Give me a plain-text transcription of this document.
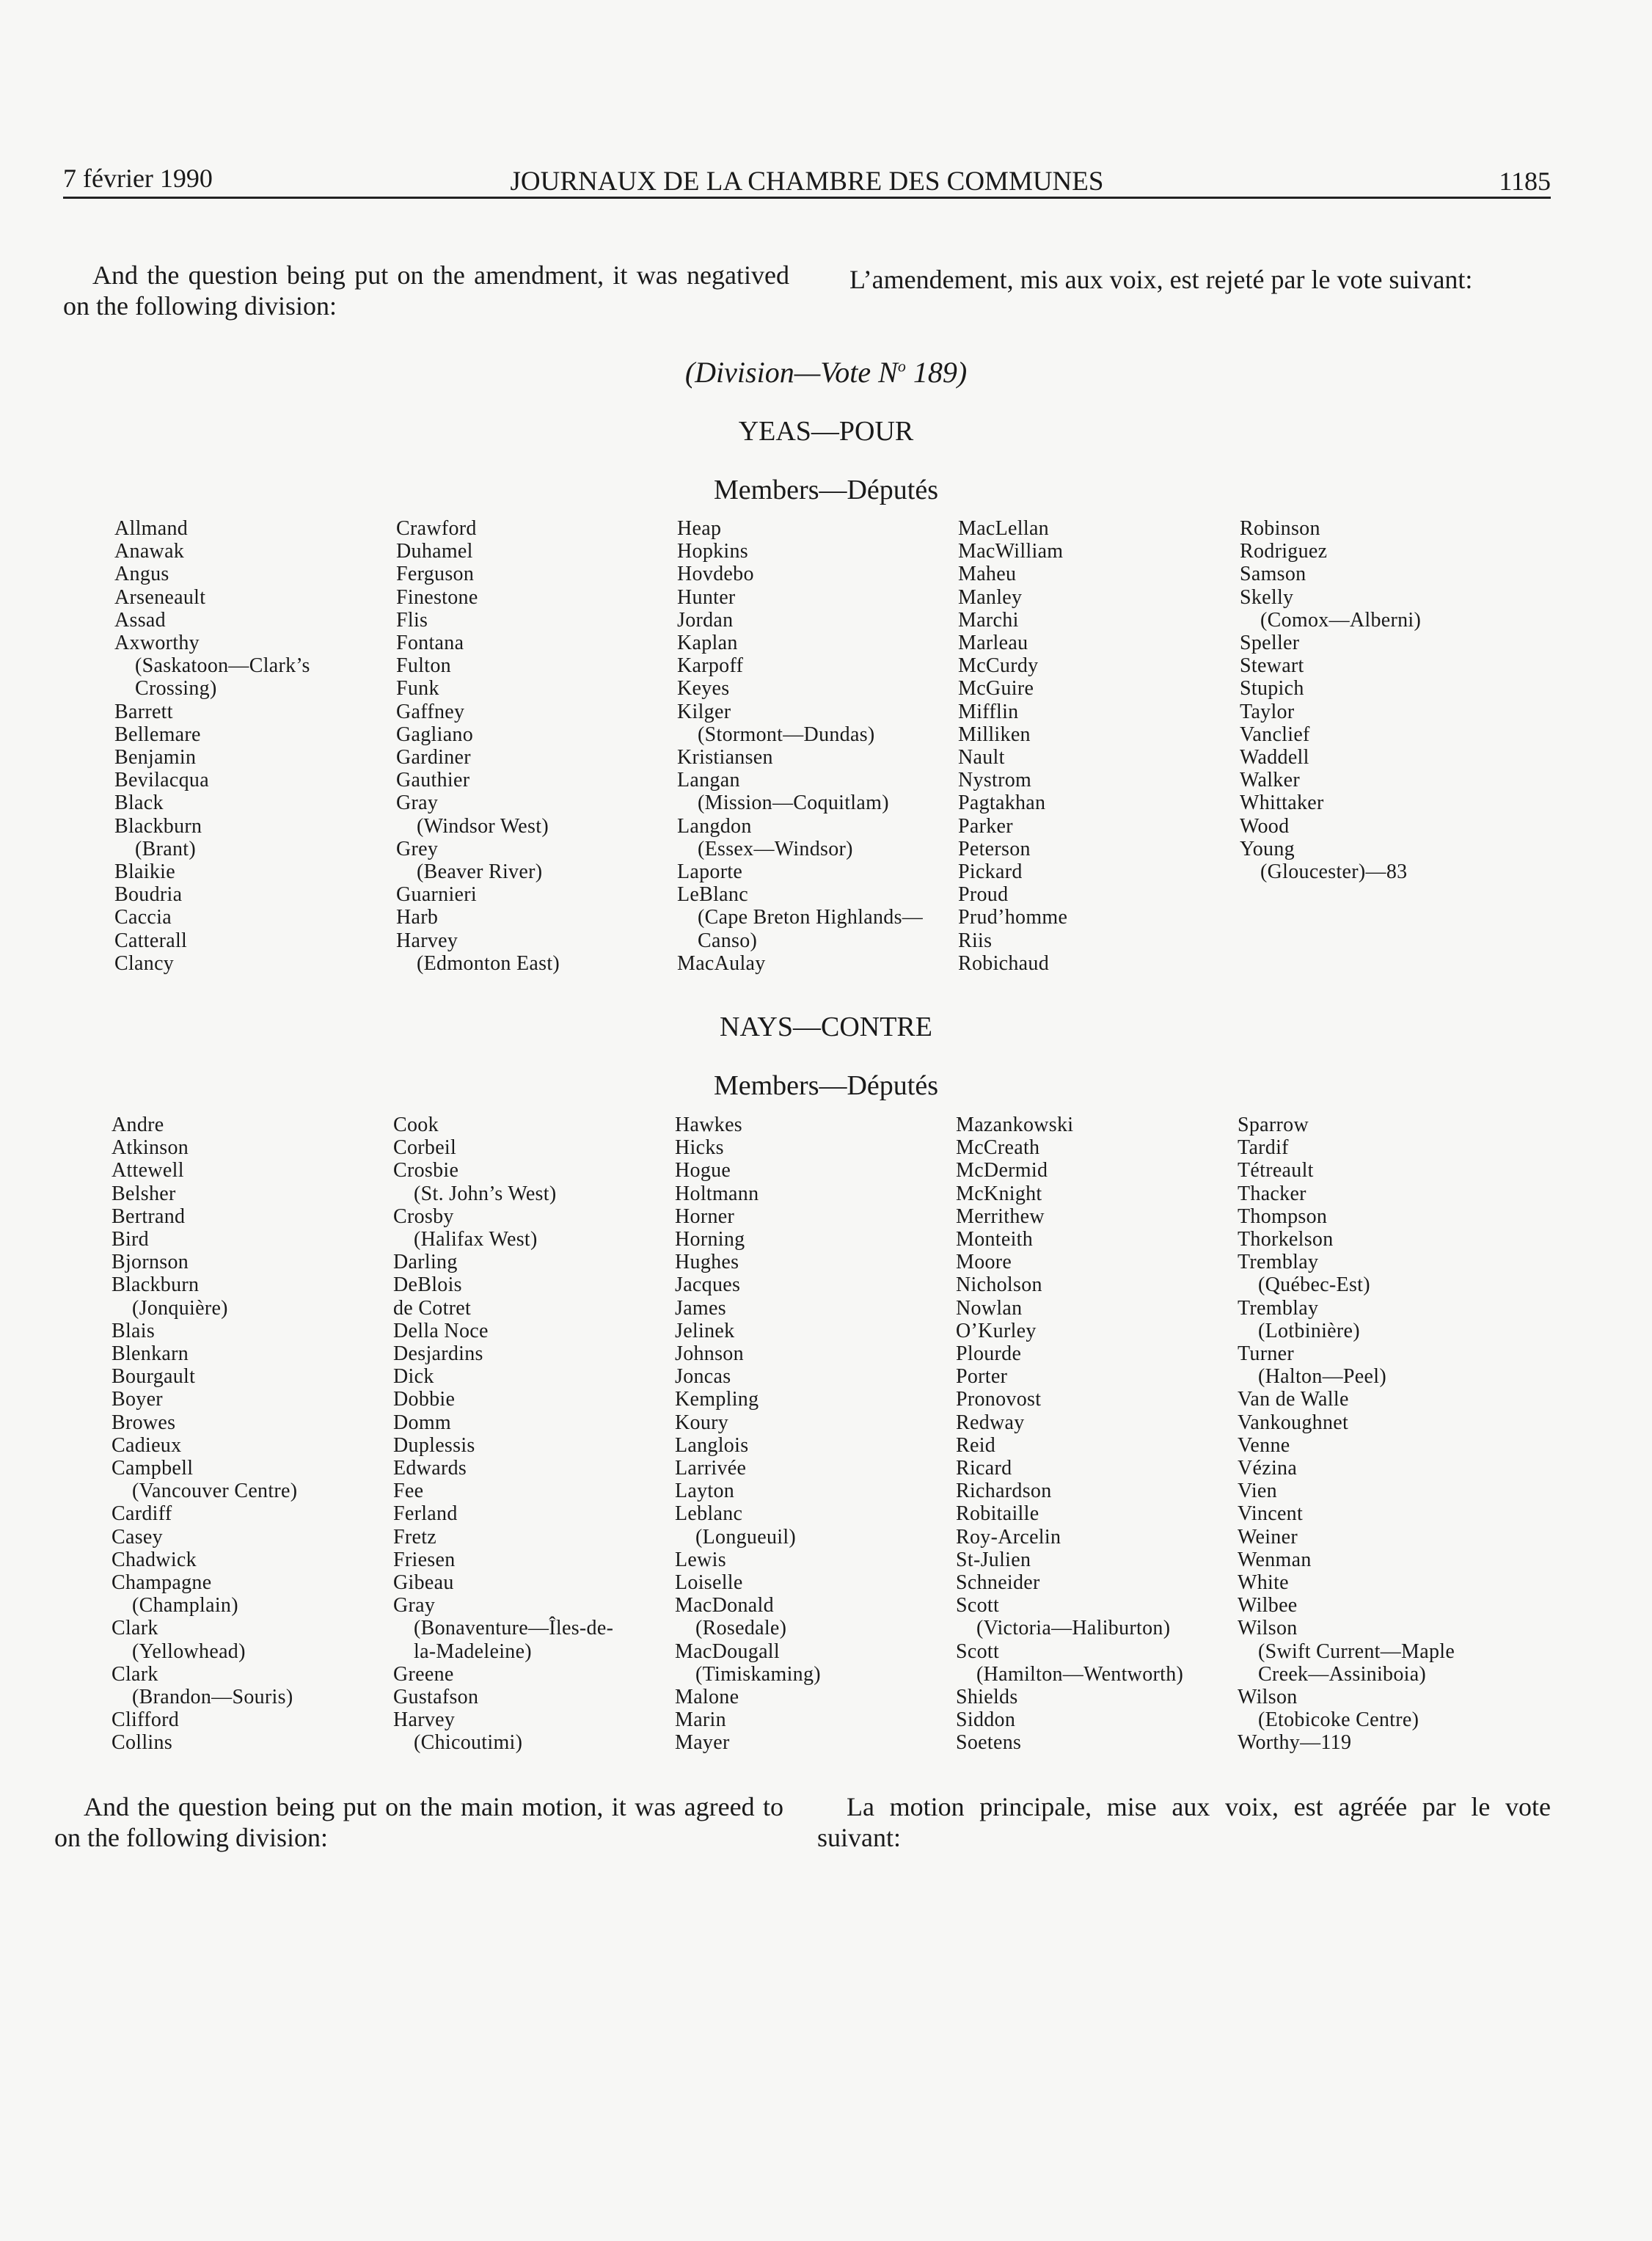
7 février 1990	JOURNAUX DE LA CHAMBRE DES COMMUNES	1185
And the question being put on the amendment, it was negatived on the following division:
L’amendement, mis aux voix, est rejeté par le vote suivant:
(Division—Vote $N^o$ 189)
YEAS—POUR
Members—Députés
Allmand
Anawak
Angus
Arseneault
Assad
Axworthy
(Saskatoon—Clark’s
Crossing)
Barrett
Bellemare
Benjamin
Bevilacqua
Black
Blackburn
(Brant)
Blaikie
Boudria
Caccia
Catterall
Clancy
Crawford
Duhamel
Ferguson
Finestone
Flis
Fontana
Fulton
Funk
Gaffney
Gagliano
Gardiner
Gauthier
Gray
(Windsor West)
Grey
(Beaver River)
Guarnieri
Harb
Harvey
(Edmonton East)
Heap
Hopkins
Hovdebo
Hunter
Jordan
Kaplan
Karpoff
Keyes
Kilger
(Stormont—Dundas)
Kristiansen
Langan
(Mission—Coquitlam)
Langdon
(Essex—Windsor)
Laporte
LeBlanc
(Cape Breton Highlands—
Canso)
MacAulay
MacLellan
MacWilliam
Maheu
Manley
Marchi
Marleau
McCurdy
McGuire
Mifflin
Milliken
Nault
Nystrom
Pagtakhan
Parker
Peterson
Pickard
Proud
Prud’homme
Riis
Robichaud
Robinson
Rodriguez
Samson
Skelly
(Comox—Alberni)
Speller
Stewart
Stupich
Taylor
Vanclief
Waddell
Walker
Whittaker
Wood
Young
(Gloucester)—83
NAYS—CONTRE
Members—Députés
Andre
Atkinson
Attewell
Belsher
Bertrand
Bird
Bjornson
Blackburn
(Jonquière)
Blais
Blenkarn
Bourgault
Boyer
Browes
Cadieux
Campbell
(Vancouver Centre)
Cardiff
Casey
Chadwick
Champagne
(Champlain)
Clark
(Yellowhead)
Clark
(Brandon—Souris)
Clifford
Collins
Cook
Corbeil
Crosbie
(St. John’s West)
Crosby
(Halifax West)
Darling
DeBlois
de Cotret
Della Noce
Desjardins
Dick
Dobbie
Domm
Duplessis
Edwards
Fee
Ferland
Fretz
Friesen
Gibeau
Gray
(Bonaventure—Îles-de-
la-Madeleine)
Greene
Gustafson
Harvey
(Chicoutimi)
Hawkes
Hicks
Hogue
Holtmann
Horner
Horning
Hughes
Jacques
James
Jelinek
Johnson
Joncas
Kempling
Koury
Langlois
Larrivée
Layton
Leblanc
(Longueuil)
Lewis
Loiselle
MacDonald
(Rosedale)
MacDougall
(Timiskaming)
Malone
Marin
Mayer
Mazankowski
McCreath
McDermid
McKnight
Merrithew
Monteith
Moore
Nicholson
Nowlan
O’Kurley
Plourde
Porter
Pronovost
Redway
Reid
Ricard
Richardson
Robitaille
Roy-Arcelin
St-Julien
Schneider
Scott
(Victoria—Haliburton)
Scott
(Hamilton—Wentworth)
Shields
Siddon
Soetens
Sparrow
Tardif
Tétreault
Thacker
Thompson
Thorkelson
Tremblay
(Québec-Est)
Tremblay
(Lotbinière)
Turner
(Halton—Peel)
Van de Walle
Vankoughnet
Venne
Vézina
Vien
Vincent
Weiner
Wenman
White
Wilbee
Wilson
(Swift Current—Maple
Creek—Assiniboia)
Wilson
(Etobicoke Centre)
Worthy—119
And the question being put on the main motion, it was agreed to on the following division:
La motion principale, mise aux voix, est agréée par le vote suivant:
